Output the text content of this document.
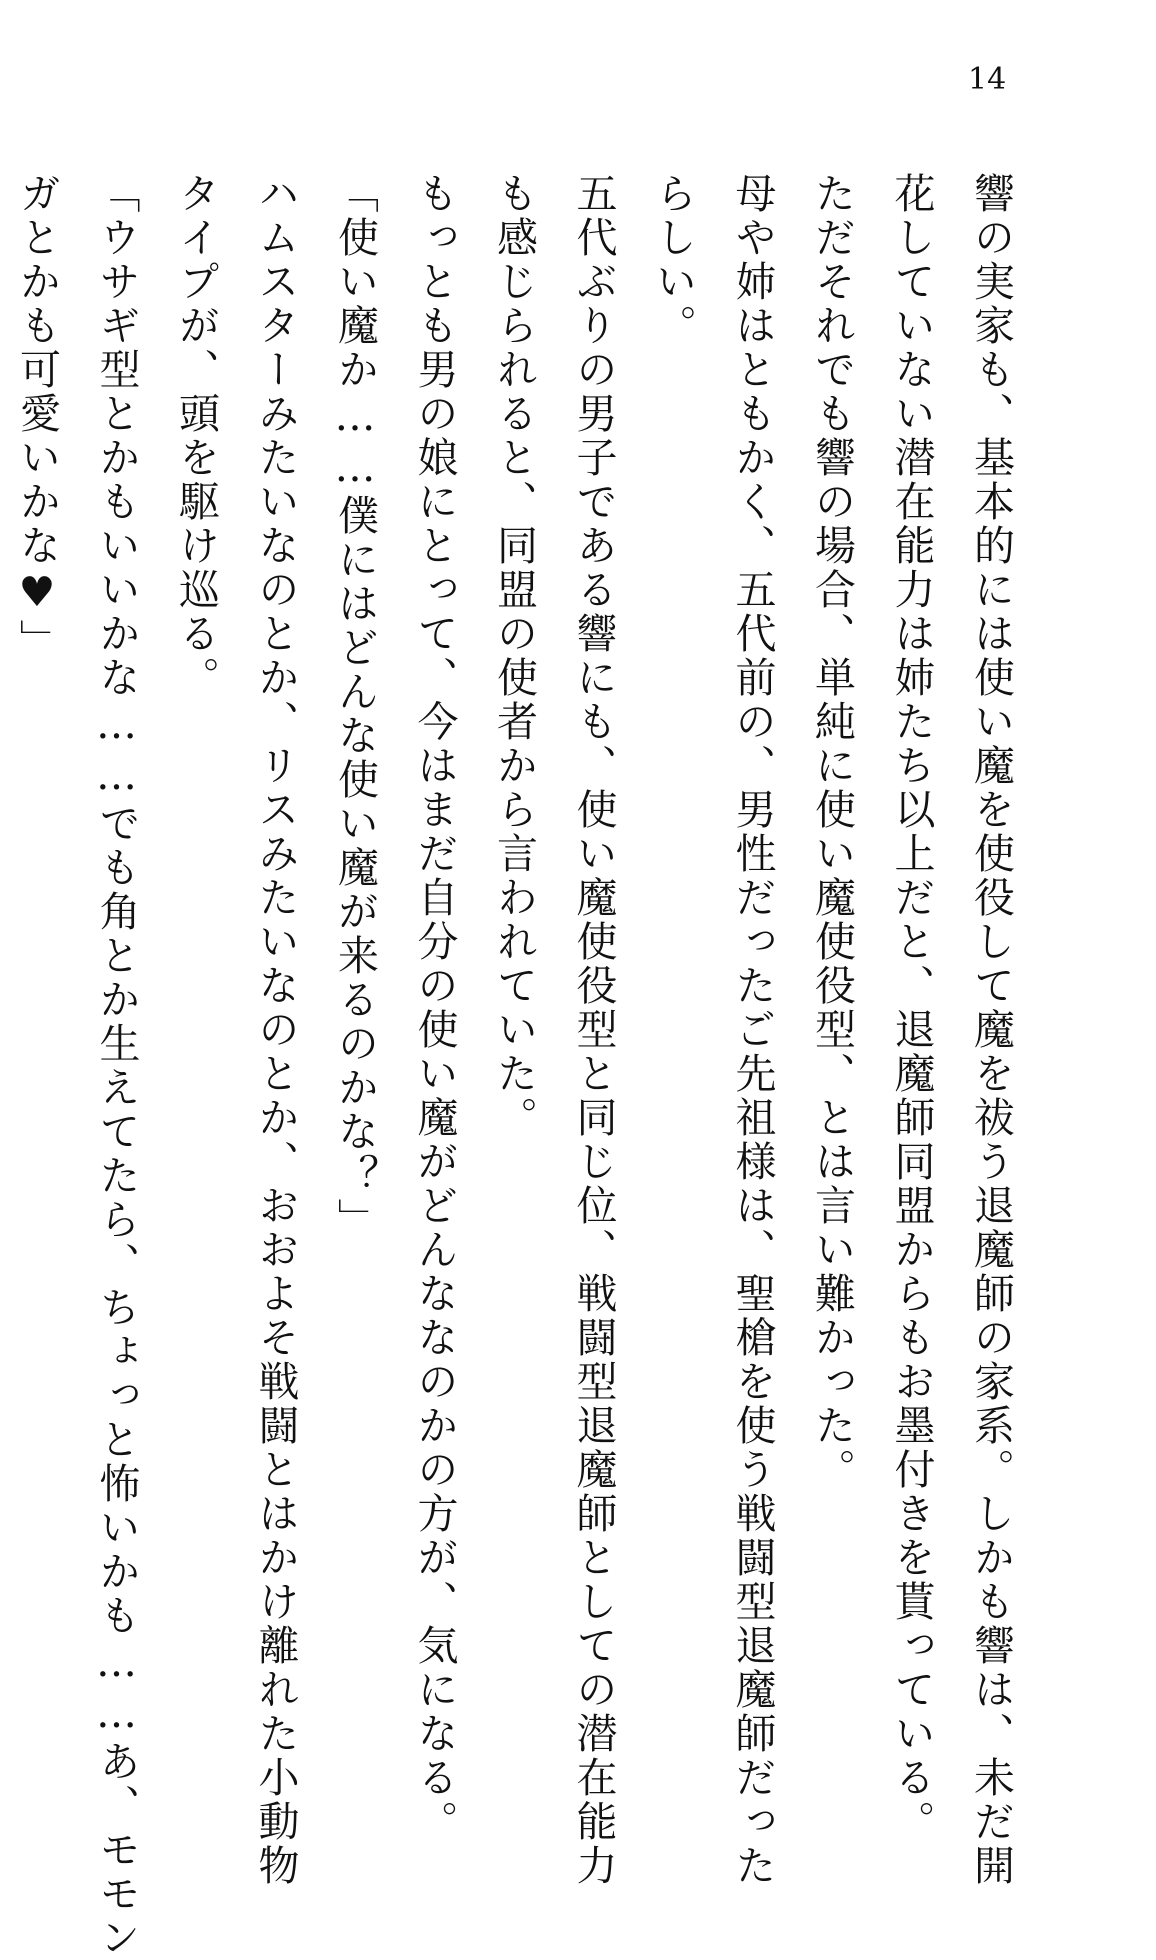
14
響の実家も、基本的には使い魔を使役して魔を祓う退魔師の家系。しかも響は、未だ開
花していない潜在能力は姉たち以上だと、退魔師同盟からもお墨付きを貰っている。
ただそれでも響の場合、単純に使い魔使役型、とは言い難かった。
母や姉はともかく、五代前の、男性だったご先祖様は、聖槍を使う戦闘型退魔師だった
らしい。
五代ぶりの男子である響にも、使い魔使役型と同じ位、戦闘型退魔師としての潜在能力
も感じられると、同盟の使者から言われていた。
もっとも男の娘にとって、今はまだ自分の使い魔がどんななのかの方が、気になる。
「使い魔か……僕にはどんな使い魔が来るのかな？」
ハムスターみたいなのとか、リスみたいなのとか、おおよそ戦闘とはかけ離れた小動物
タイプが、頭を駆け巡る。
「ウサギ型とかもいいかな……でも角とか生えてたら、ちょっと怖いかも……あ、モモン
ガとかも可愛いかな♥」
